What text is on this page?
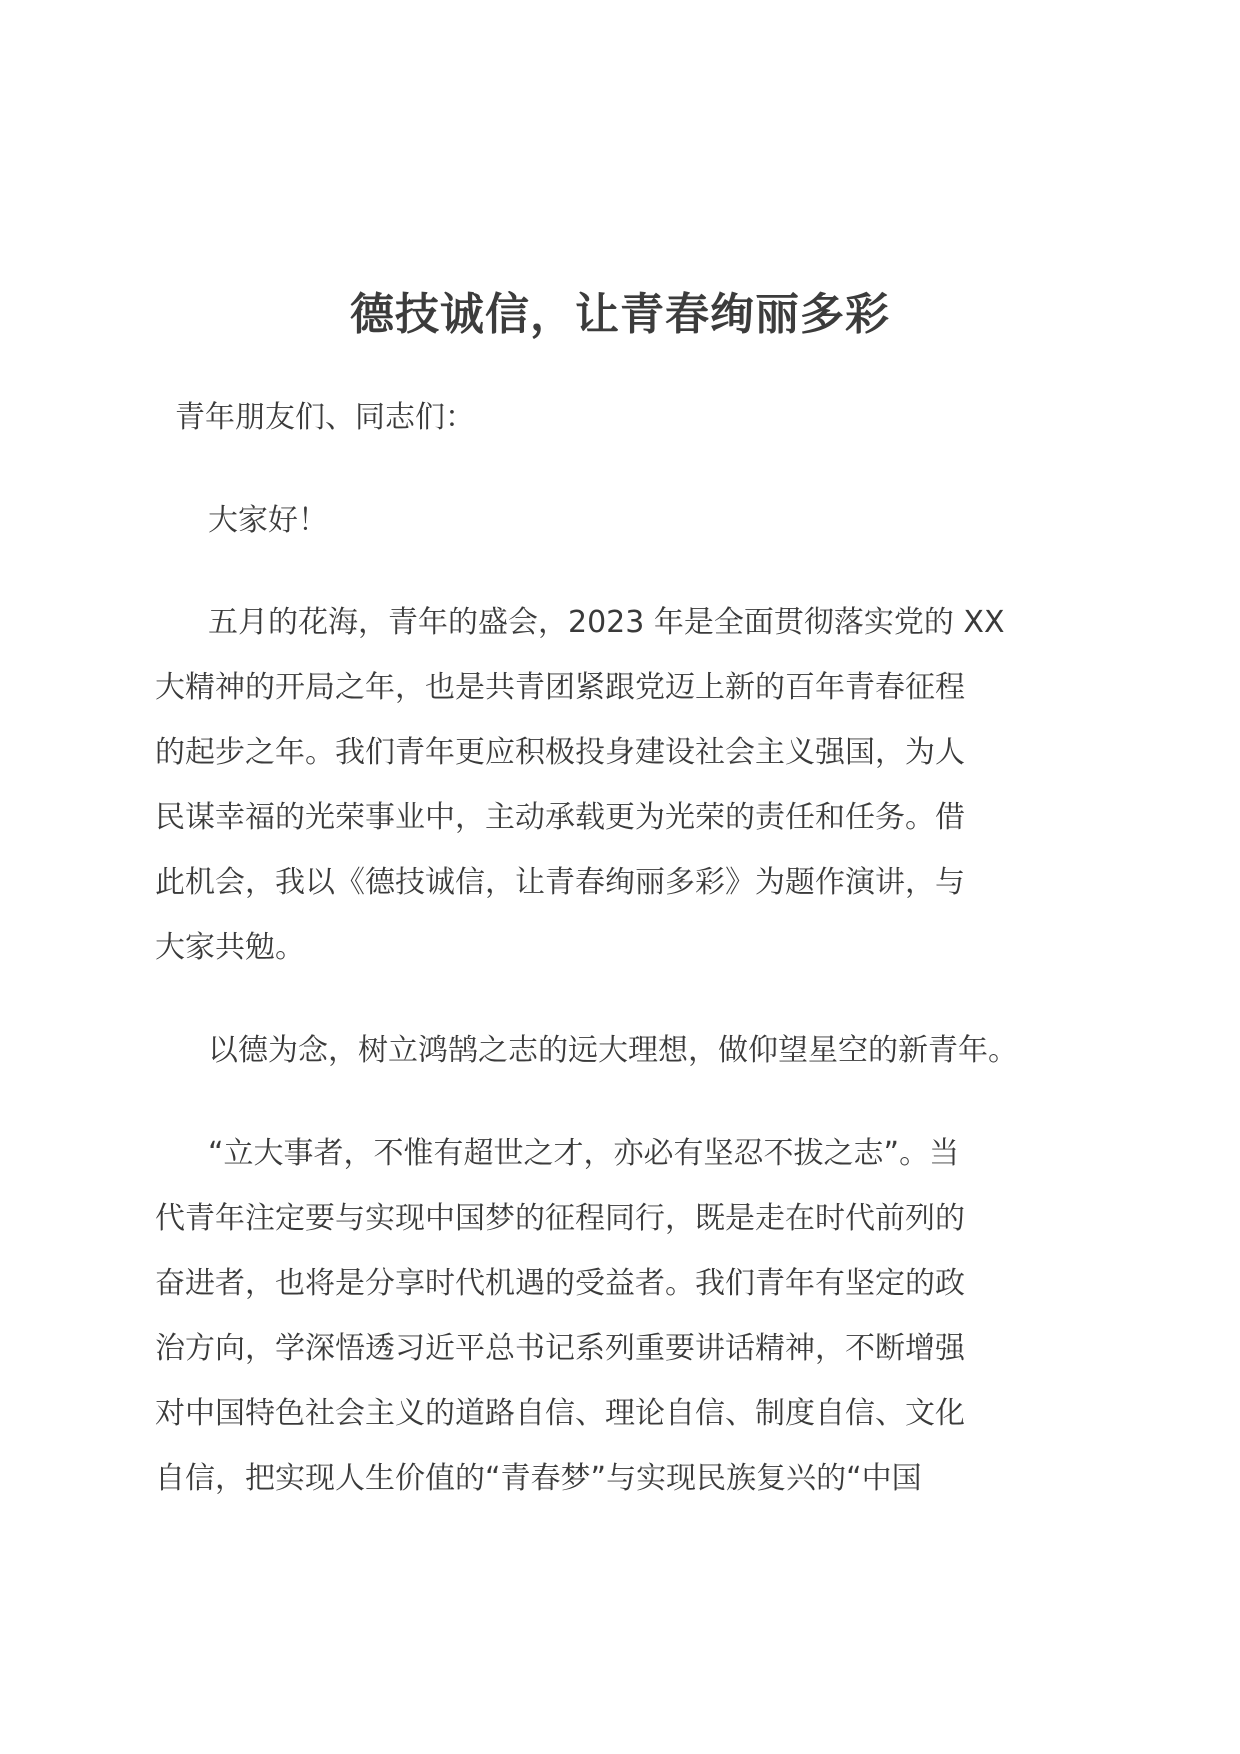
德技诚信，让青春绚丽多彩

青年朋友们、同志们：

大家好！

五月的花海，青年的盛会，2023 年是全面贯彻落实党的 XX

大精神的开局之年，也是共青团紧跟党迈上新的百年青春征程

的起步之年。我们青年更应积极投身建设社会主义强国，为人

民谋幸福的光荣事业中，主动承载更为光荣的责任和任务。借

此机会，我以《德技诚信，让青春绚丽多彩》为题作演讲，与

大家共勉。

以德为念，树立鸿鹄之志的远大理想，做仰望星空的新青年。

“立大事者，不惟有超世之才，亦必有坚忍不拔之志”。当

代青年注定要与实现中国梦的征程同行，既是走在时代前列的

奋进者，也将是分享时代机遇的受益者。我们青年有坚定的政

治方向，学深悟透习近平总书记系列重要讲话精神，不断增强

对中国特色社会主义的道路自信、理论自信、制度自信、文化

自信，把实现人生价值的“青春梦”与实现民族复兴的“中国
